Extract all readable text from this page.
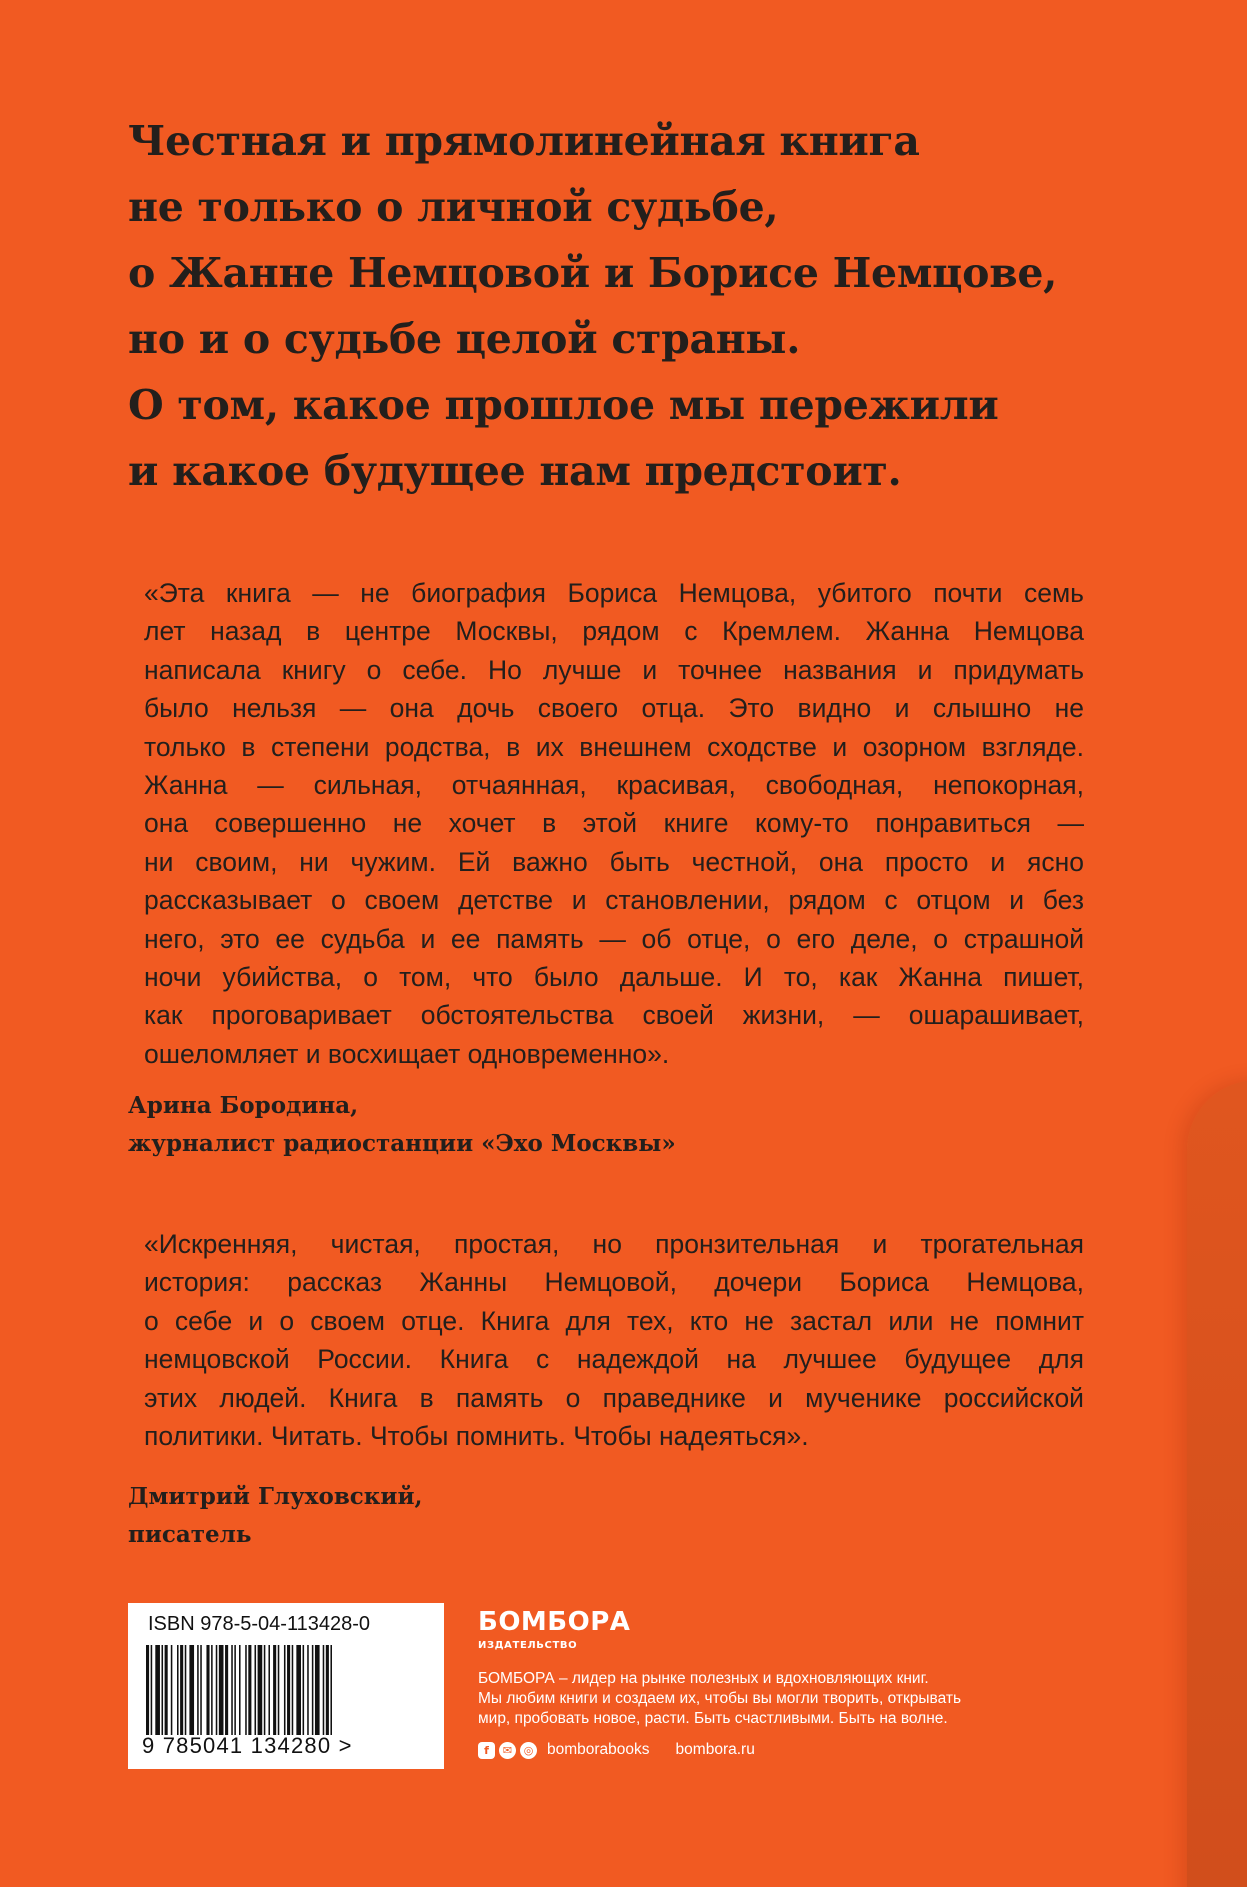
Честная и прямолинейная книга
не только о личной судьбе,
о Жанне Немцовой и Борисе Немцове,
но и о судьбе целой страны.
О том, какое прошлое мы пережили
и какое будущее нам предстоит.
«Эта книга — не биография Бориса Немцова, убитого почти семь
лет назад в центре Москвы, рядом с Кремлем. Жанна Немцова
написала книгу о себе. Но лучше и точнее названия и придумать
было нельзя — она дочь своего отца. Это видно и слышно не
только в степени родства, в их внешнем сходстве и озорном взгляде.
Жанна — сильная, отчаянная, красивая, свободная, непокорная,
она совершенно не хочет в этой книге кому-то понравиться —
ни своим, ни чужим. Ей важно быть честной, она просто и ясно
рассказывает о своем детстве и становлении, рядом с отцом и без
него, это ее судьба и ее память — об отце, о его деле, о страшной
ночи убийства, о том, что было дальше. И то, как Жанна пишет,
как проговаривает обстоятельства своей жизни, — ошарашивает,
ошеломляет и восхищает одновременно».
Арина Бородина,
журналист радиостанции «Эхо Москвы»
«Искренняя, чистая, простая, но пронзительная и трогательная
история: рассказ Жанны Немцовой, дочери Бориса Немцова,
о себе и о своем отце. Книга для тех, кто не застал или не помнит
немцовской России. Книга с надеждой на лучшее будущее для
этих людей. Книга в память о праведнике и мученике российской
политики. Читать. Чтобы помнить. Чтобы надеяться».
Дмитрий Глуховский,
писатель
ISBN 978-5-04-113428-0
9 785041 134280 >
БОМБОРА
ИЗДАТЕЛЬСТВО
БОМБОРА – лидер на рынке полезных и вдохновляющих книг.
Мы любим книги и создаем их, чтобы вы могли творить, открывать
мир, пробовать новое, расти. Быть счастливыми. Быть на волне.
f	✉	◎ bomborabooks bombora.ru
